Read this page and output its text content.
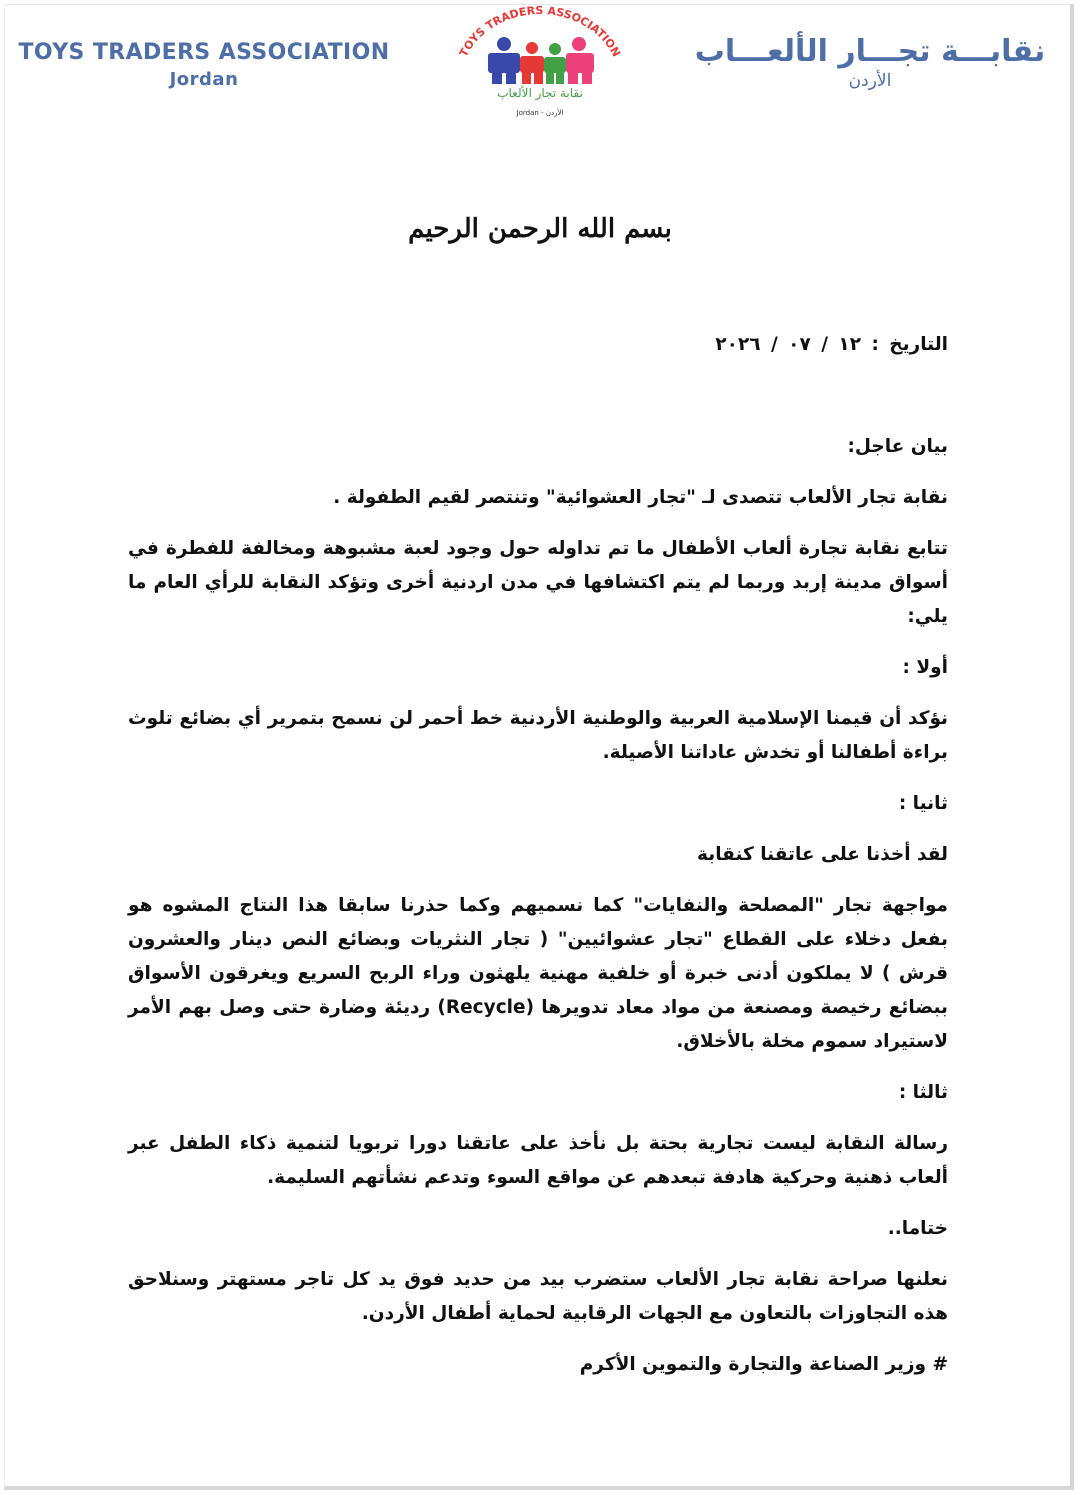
TOYS TRADERS ASSOCIATION
Jordan
TOYS TRADERS ASSOCIATION
نقابة تجار الألعاب
Jordan - الأردن
نقابـــة تجـــار الألعـــاب
الأردن
بسم الله الرحمن الرحيم

التاريخ : ١٢ / ٠٧ / ٢٠٢٦

بيان عاجل:

نقابة تجار الألعاب تتصدى لـ "تجار العشوائية" وتنتصر لقيم الطفولة .

تتابع نقابة تجارة ألعاب الأطفال ما تم تداوله حول وجود لعبة مشبوهة ومخالفة للفطرة في أسواق مدينة إربد وربما لم يتم اكتشافها في مدن اردنية أخرى وتؤكد النقابة للرأي العام ما يلي:

أولا :

نؤكد أن قيمنا الإسلامية العربية والوطنية الأردنية خط أحمر لن نسمح بتمرير أي بضائع تلوث براءة أطفالنا أو تخدش عاداتنا الأصيلة.

ثانيا :

لقد أخذنا على عاتقنا كنقابة

مواجهة تجار "المصلحة والنفايات" كما نسميهم وكما حذرنا سابقا هذا النتاج المشوه هو بفعل دخلاء على القطاع "تجار عشوائيين" ( تجار النثريات وبضائع النص دينار والعشرون قرش ) لا يملكون أدنى خبرة أو خلفية مهنية يلهثون وراء الربح السريع ويغرقون الأسواق ببضائع رخيصة ومصنعة من مواد معاد تدويرها (Recycle) رديئة وضارة حتى وصل بهم الأمر لاستيراد سموم مخلة بالأخلاق.

ثالثا :

رسالة النقابة ليست تجارية بحتة بل نأخذ على عاتقنا دورا تربويا لتنمية ذكاء الطفل عبر ألعاب ذهنية وحركية هادفة تبعدهم عن مواقع السوء وتدعم نشأتهم السليمة.

ختاما..

نعلنها صراحة نقابة تجار الألعاب ستضرب بيد من حديد فوق يد كل تاجر مستهتر وسنلاحق هذه التجاوزات بالتعاون مع الجهات الرقابية لحماية أطفال الأردن.

# وزير الصناعة والتجارة والتموين الأكرم
